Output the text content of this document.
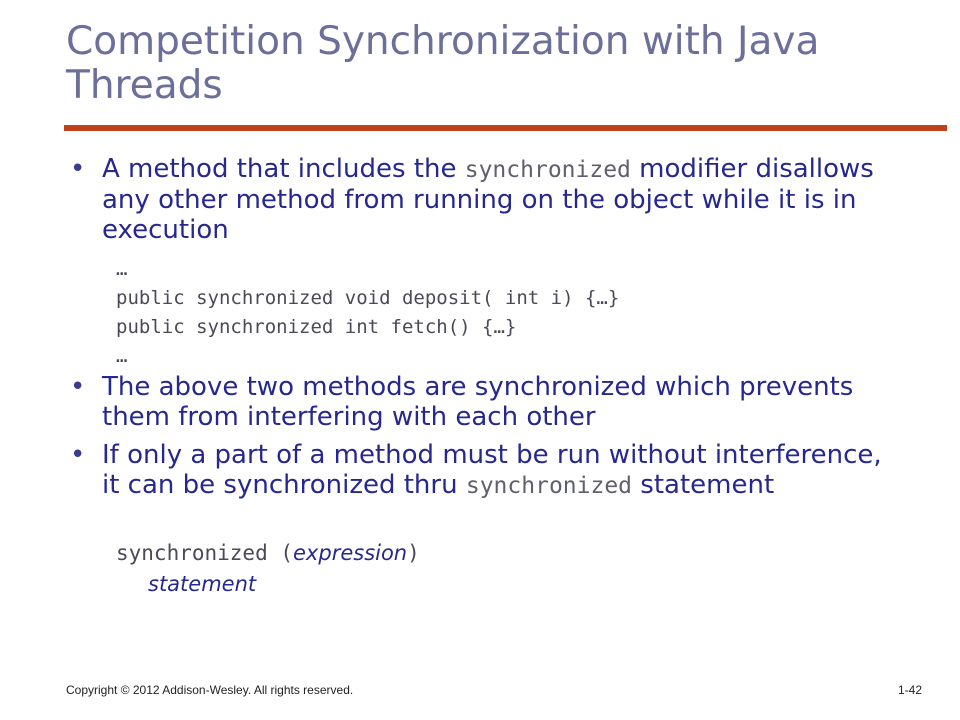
Competition Synchronization with Java Threads
• A method that includes the synchronized modifier disallows any other method from running on the object while it is in execution
…
public synchronized void deposit( int i) {…}
public synchronized int fetch() {…}
…
• The above two methods are synchronized which prevents them from interfering with each other
• If only a part of a method must be run without interference, it can be synchronized thru synchronized statement
synchronized (expression)
statement
Copyright © 2012 Addison-Wesley. All rights reserved.	1-42
